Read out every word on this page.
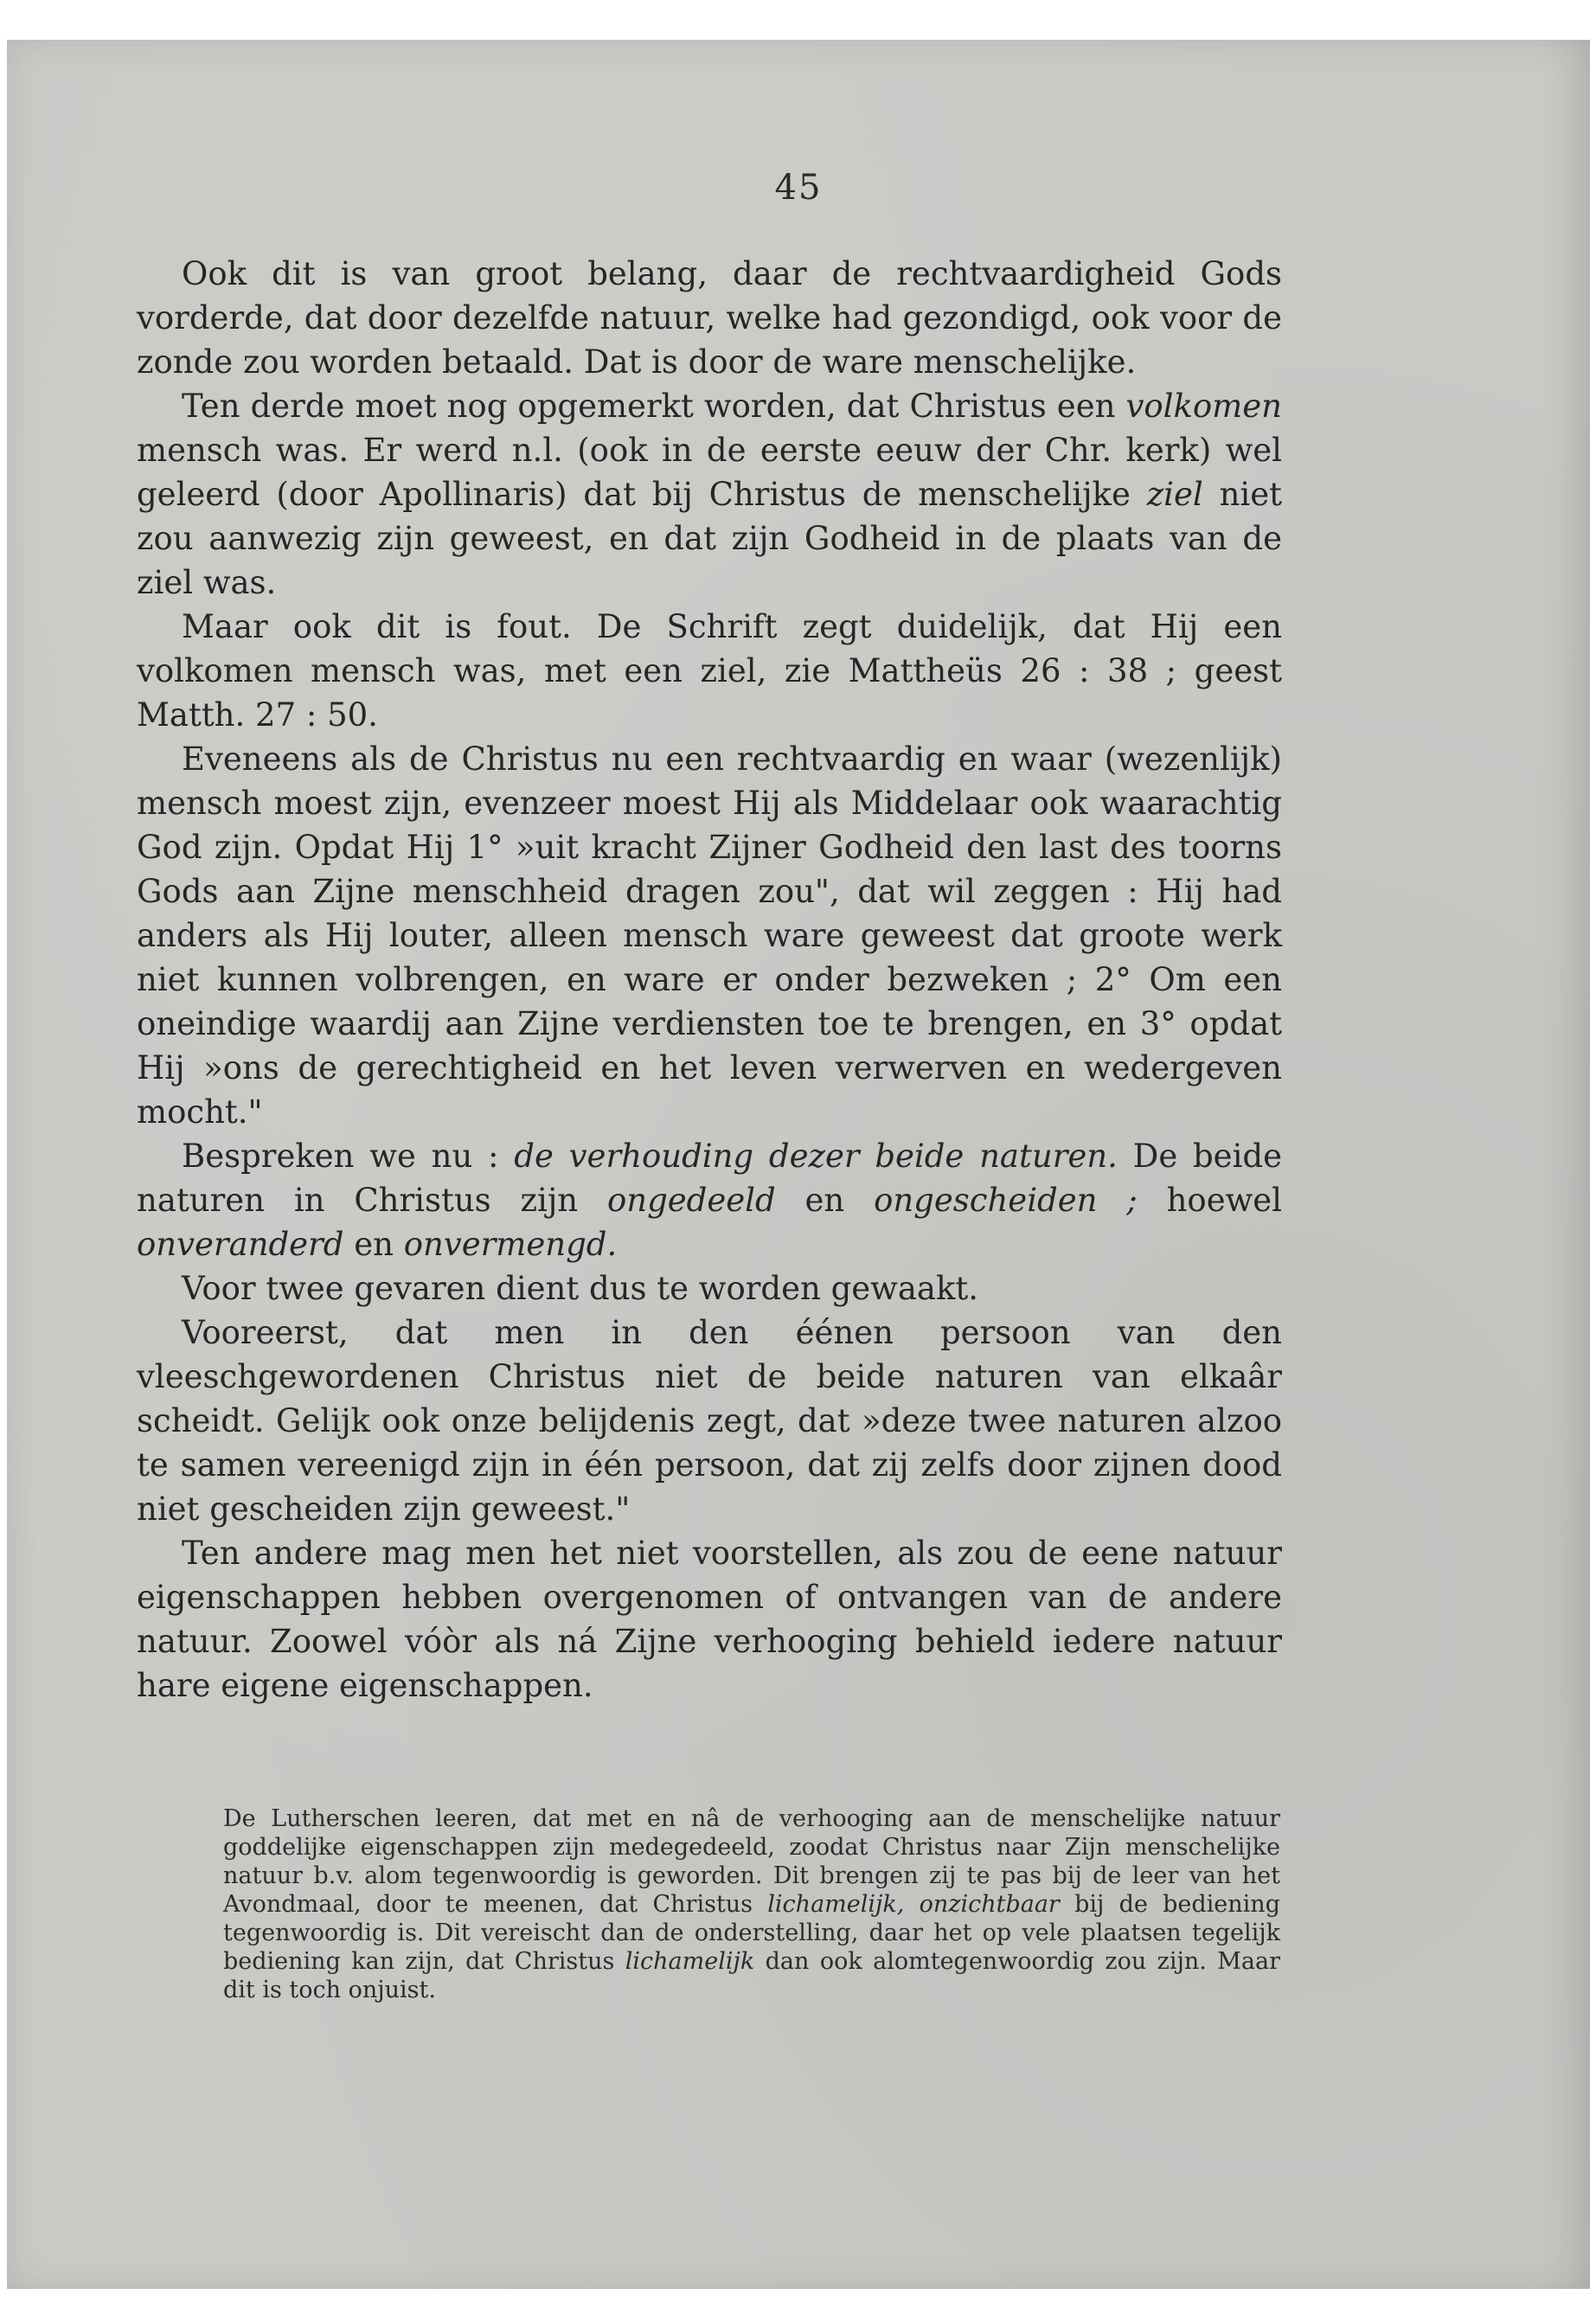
45

Ook dit is van groot belang, daar de rechtvaardigheid Gods vorderde, dat door dezelfde natuur, welke had gezondigd, ook voor de zonde zou worden betaald. Dat is door de ware menschelijke.

Ten derde moet nog opgemerkt worden, dat Christus een volkomen mensch was. Er werd n.l. (ook in de eerste eeuw der Chr. kerk) wel geleerd (door Apollinaris) dat bij Christus de menschelijke ziel niet zou aanwezig zijn geweest, en dat zijn Godheid in de plaats van de ziel was.

Maar ook dit is fout. De Schrift zegt duidelijk, dat Hij een volkomen mensch was, met een ziel, zie Mattheüs 26 : 38 ; geest Matth. 27 : 50.

Eveneens als de Christus nu een rechtvaardig en waar (wezenlijk) mensch moest zijn, evenzeer moest Hij als Middelaar ook waarachtig God zijn. Opdat Hij 1° »uit kracht Zijner Godheid den last des toorns Gods aan Zijne menschheid dragen zou", dat wil zeggen : Hij had anders als Hij louter, alleen mensch ware geweest dat groote werk niet kunnen volbrengen, en ware er onder bezweken ; 2° Om een oneindige waardij aan Zijne verdiensten toe te brengen, en 3° opdat Hij »ons de gerechtigheid en het leven verwerven en wedergeven mocht."

Bespreken we nu : de verhouding dezer beide naturen. De beide naturen in Christus zijn ongedeeld en ongescheiden ; hoewel onveranderd en onvermengd.

Voor twee gevaren dient dus te worden gewaakt.

Vooreerst, dat men in den éénen persoon van den vleeschgewordenen Christus niet de beide naturen van elkaâr scheidt. Gelijk ook onze belijdenis zegt, dat »deze twee naturen alzoo te samen vereenigd zijn in één persoon, dat zij zelfs door zijnen dood niet gescheiden zijn geweest."

Ten andere mag men het niet voorstellen, als zou de eene natuur eigenschappen hebben overgenomen of ontvangen van de andere natuur. Zoowel vóòr als ná Zijne verhooging behield iedere natuur hare eigene eigenschappen.

De Lutherschen leeren, dat met en nâ de verhooging aan de menschelijke natuur goddelijke eigenschappen zijn medegedeeld, zoodat Christus naar Zijn menschelijke natuur b.v. alom tegenwoordig is geworden. Dit brengen zij te pas bij de leer van het Avondmaal, door te meenen, dat Christus lichamelijk, onzichtbaar bij de bediening tegenwoordig is. Dit vereischt dan de onderstelling, daar het op vele plaatsen tegelijk bediening kan zijn, dat Christus lichamelijk dan ook alomtegenwoordig zou zijn. Maar dit is toch onjuist.
